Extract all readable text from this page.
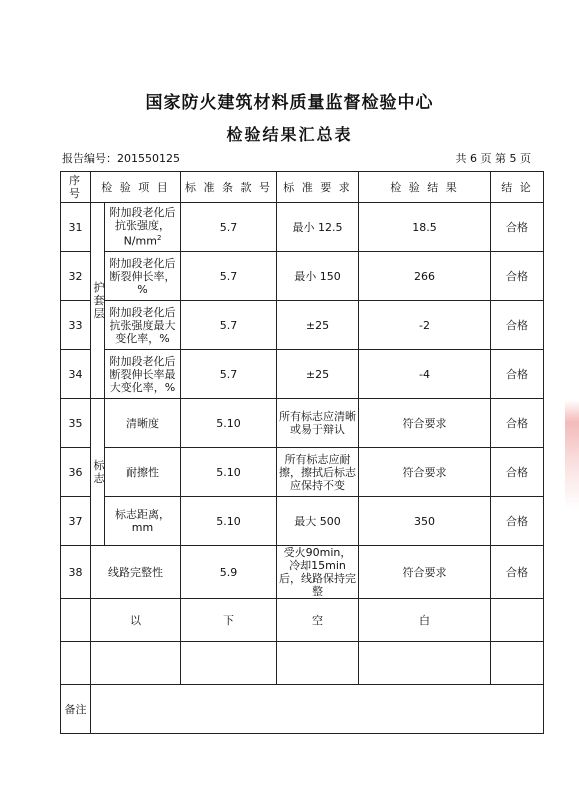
国家防火建筑材料质量监督检验中心
检验结果汇总表
报告编号：201550125	共 6 页 第 5 页
序号	检 验 项 目		标 准 条 款 号	标 准 要 求	检 验 结 果	结 论
31	护套层	附加段老化后抗张强度，$N/mm^2$	5.7	最小 12.5	18.5	合格
32		附加段老化后断裂伸长率，%	5.7	最小 150	266	合格
33		附加段老化后抗张强度最大变化率，%	5.7	±25	-2	合格
34		附加段老化后断裂伸长率最大变化率，%	5.7	±25	-4	合格
35	标志	清晰度	5.10	所有标志应清晰或易于辩认	符合要求	合格
36		耐擦性	5.10	所有标志应耐擦，擦拭后标志应保持不变	符合要求	合格
37		标志距离，mm	5.10	最大 500	350	合格
38	线路完整性		5.9	受火90min，冷却15min后，线路保持完整	符合要求	合格
	以		下	空	白	

备注						
